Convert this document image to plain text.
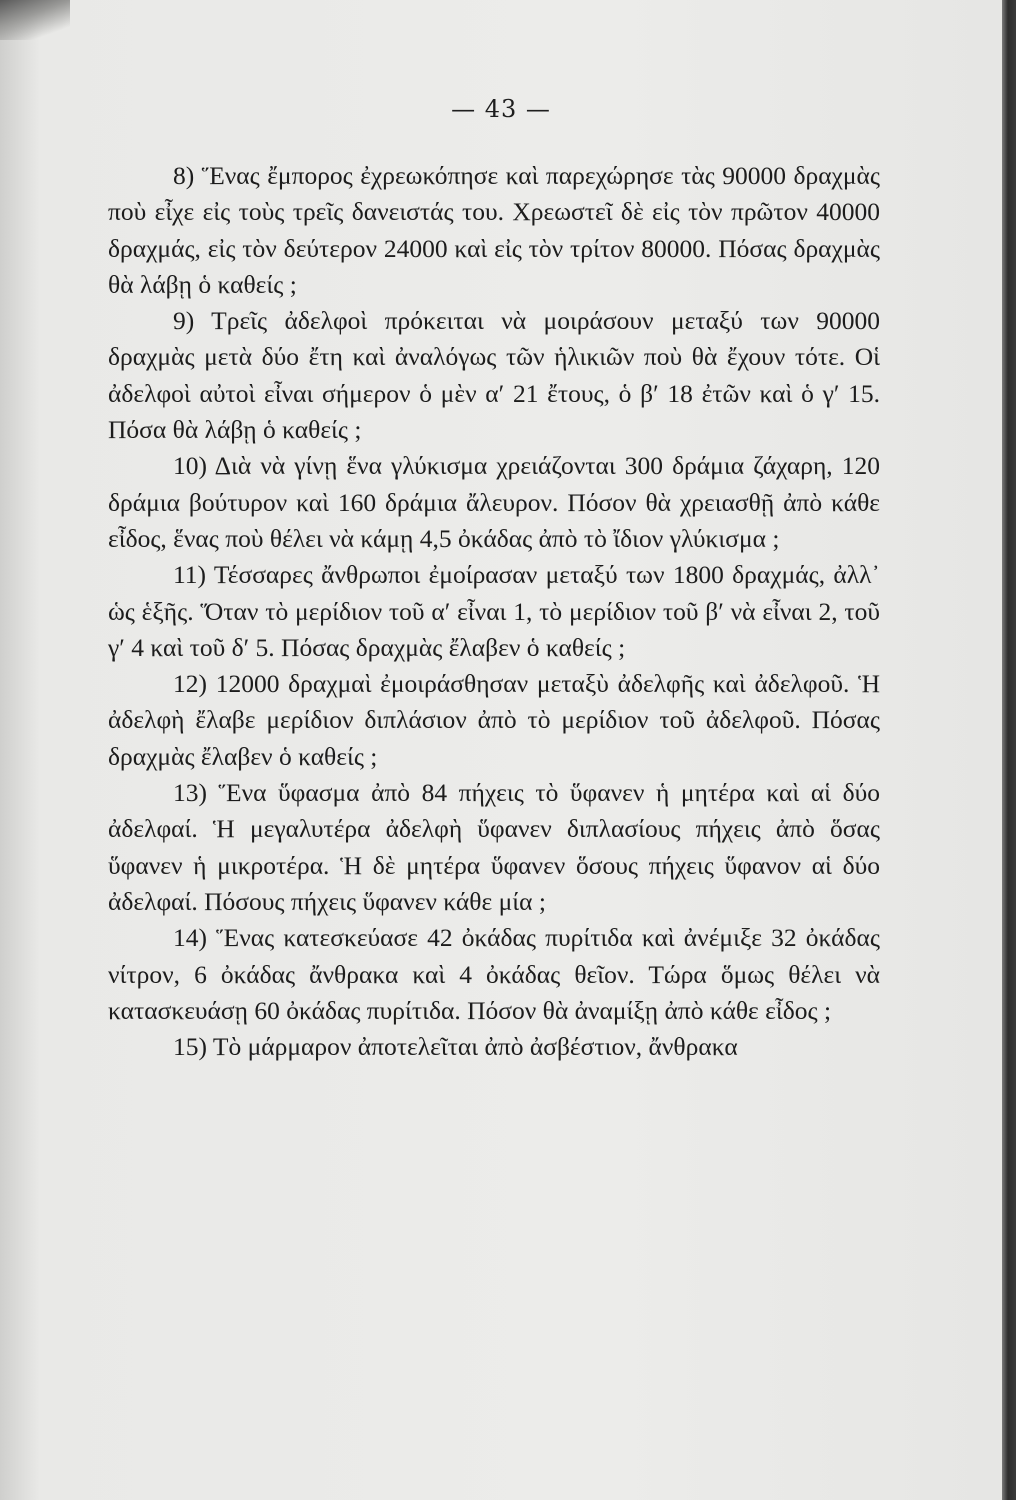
— 43 —

8) Ἕνας ἔμπορος ἐχρεωκόπησε καὶ παρεχώρησε τὰς 90000 δραχμὰς ποὺ εἶχε εἰς τοὺς τρεῖς δανειστάς του. Χρεωστεῖ δὲ εἰς τὸν πρῶτον 40000 δραχμάς, εἰς τὸν δεύτερον 24000 καὶ εἰς τὸν τρίτον 80000. Πόσας δραχμὰς θὰ λάβῃ ὁ καθείς ;

9) Τρεῖς ἀδελφοὶ πρόκειται νὰ μοιράσουν μεταξύ των 90000 δραχμὰς μετὰ δύο ἔτη καὶ ἀναλόγως τῶν ἡλικιῶν ποὺ θὰ ἔχουν τότε. Οἱ ἀδελφοὶ αὐτοὶ εἶναι σήμερον ὁ μὲν α′ 21 ἔτους, ὁ β′ 18 ἐτῶν καὶ ὁ γ′ 15. Πόσα θὰ λάβῃ ὁ καθείς ;

10) Διὰ νὰ γίνῃ ἕνα γλύκισμα χρειάζονται 300 δράμια ζάχαρη, 120 δράμια βούτυρον καὶ 160 δράμια ἄλευρον. Πόσον θὰ χρειασθῇ ἀπὸ κάθε εἶδος, ἕνας ποὺ θέλει νὰ κάμῃ 4,5 ὀκάδας ἀπὸ τὸ ἴδιον γλύκισμα ;

11) Τέσσαρες ἄνθρωποι ἐμοίρασαν μεταξύ των 1800 δραχμάς, ἀλλ᾽ ὡς ἑξῆς. Ὅταν τὸ μερίδιον τοῦ α′ εἶναι 1, τὸ μερίδιον τοῦ β′ νὰ εἶναι 2, τοῦ γ′ 4 καὶ τοῦ δ′ 5. Πόσας δραχμὰς ἔλαβεν ὁ καθείς ;

12) 12000 δραχμαὶ ἐμοιράσθησαν μεταξὺ ἀδελφῆς καὶ ἀδελφοῦ. Ἡ ἀδελφὴ ἔλαβε μερίδιον διπλάσιον ἀπὸ τὸ μερίδιον τοῦ ἀδελφοῦ. Πόσας δραχμὰς ἔλαβεν ὁ καθείς ;

13) Ἕνα ὕφασμα ἀπὸ 84 πήχεις τὸ ὕφανεν ἡ μητέρα καὶ αἱ δύο ἀδελφαί. Ἡ μεγαλυτέρα ἀδελφὴ ὕφανεν διπλασίους πήχεις ἀπὸ ὅσας ὕφανεν ἡ μικροτέρα. Ἡ δὲ μητέρα ὕφανεν ὅσους πήχεις ὕφανον αἱ δύο ἀδελφαί. Πόσους πήχεις ὕφανεν κάθε μία ;

14) Ἕνας κατεσκεύασε 42 ὀκάδας πυρίτιδα καὶ ἀνέμιξε 32 ὀκάδας νίτρον, 6 ὀκάδας ἄνθρακα καὶ 4 ὀκάδας θεῖον. Τώρα ὅμως θέλει νὰ κατασκευάσῃ 60 ὀκάδας πυρίτιδα. Πόσον θὰ ἀναμίξῃ ἀπὸ κάθε εἶδος ;

15) Τὸ μάρμαρον ἀποτελεῖται ἀπὸ ἀσβέστιον, ἄνθρακα
